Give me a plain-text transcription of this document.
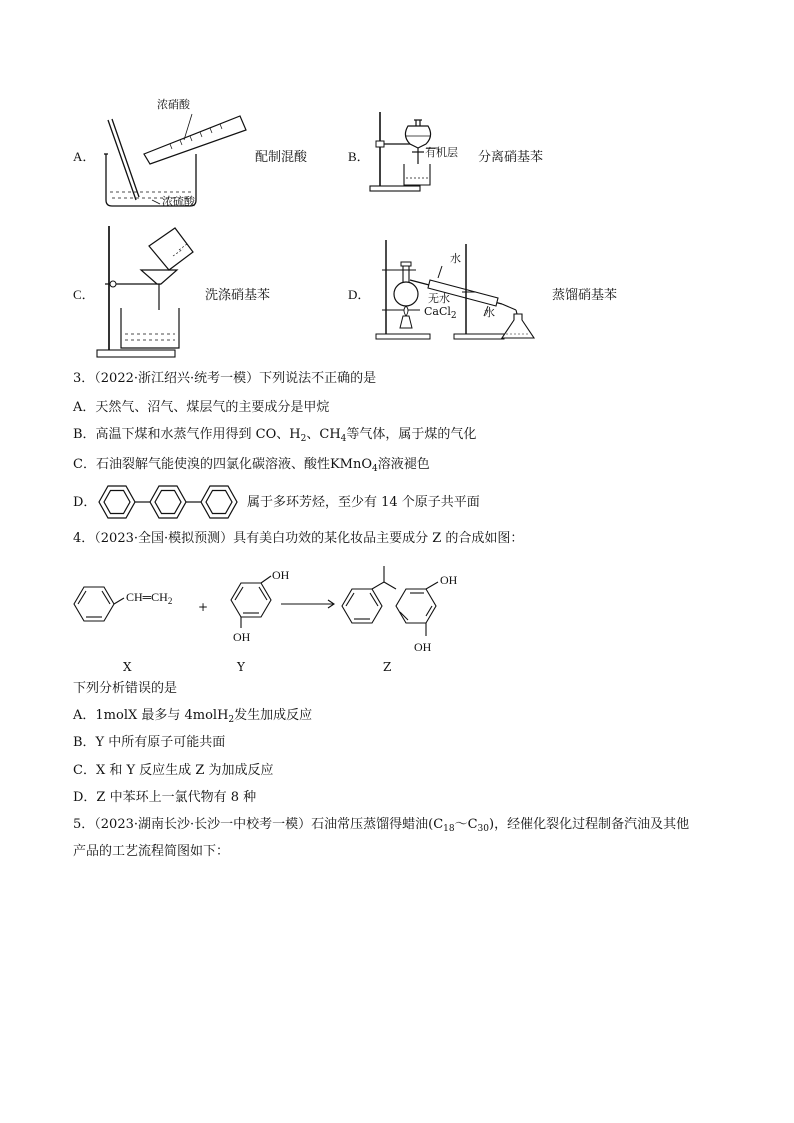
A．
浓硝酸
浓硫酸
配制混酸	B．	有机层 分离硝基苯
C．	洗涤硝基苯	D．
水
水
无水
CaCl$_2$
蒸馏硝基苯
3．（2022·浙江绍兴·统考一模）下列说法不正确的是
A．天然气、沼气、煤层气的主要成分是甲烷
B．高温下煤和水蒸气作用得到 CO、$H_2$、$CH_4$等气体，属于煤的气化
C．石油裂解气能使溴的四氯化碳溶液、酸性KMnO$_4$溶液褪色
D．	属于多环芳烃，至少有 14 个原子共平面
4．（2023·全国·模拟预测）具有美白功效的某化妆品主要成分 Z 的合成如图：
$CH═CH_2$ +
OH
OH
OH
OH
X	Y	Z
下列分析错误的是
A．1molX 最多与 4molH$_2$发生加成反应
B．Y 中所有原子可能共面
C．X 和 Y 反应生成 Z 为加成反应
D．Z 中苯环上一氯代物有 8 种
5．（2023·湖南长沙·长沙一中校考一模）石油常压蒸馏得蜡油$(C_{18}\sim C_{30})$，经催化裂化过程制备汽油及其他
产品的工艺流程简图如下：
